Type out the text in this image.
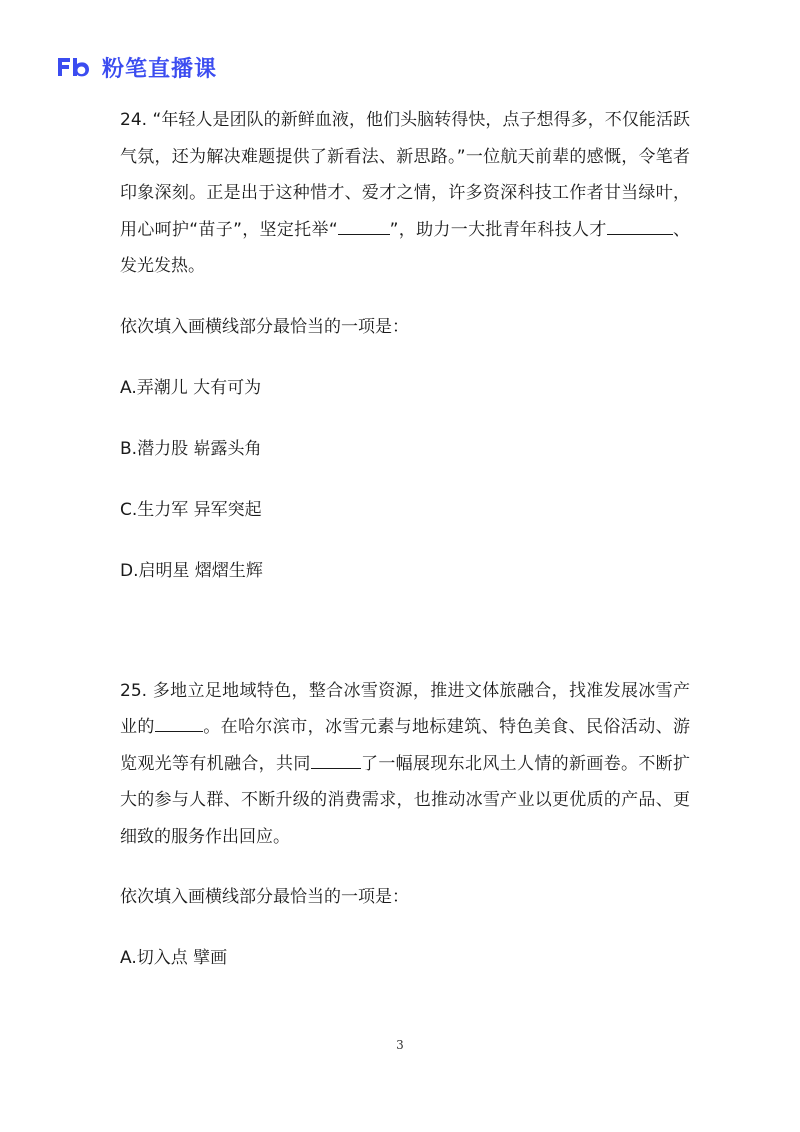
粉笔直播课

24. “年轻人是团队的新鲜血液，他们头脑转得快，点子想得多，不仅能活跃气氛，还为解决难题提供了新看法、新思路。”一位航天前辈的感慨，令笔者印象深刻。正是出于这种惜才、爱才之情，许多资深科技工作者甘当绿叶，用心呵护“苗子”，坚定托举“	”，助力一大批青年科技人才	、发光发热。

依次填入画横线部分最恰当的一项是：

A.弄潮儿 大有可为

B.潜力股 崭露头角

C.生力军 异军突起

D.启明星 熠熠生辉

25. 多地立足地域特色，整合冰雪资源，推进文体旅融合，找准发展冰雪产业的	。在哈尔滨市，冰雪元素与地标建筑、特色美食、民俗活动、游览观光等有机融合，共同	了一幅展现东北风土人情的新画卷。不断扩大的参与人群、不断升级的消费需求，也推动冰雪产业以更优质的产品、更细致的服务作出回应。

依次填入画横线部分最恰当的一项是：

A.切入点 擘画

3
